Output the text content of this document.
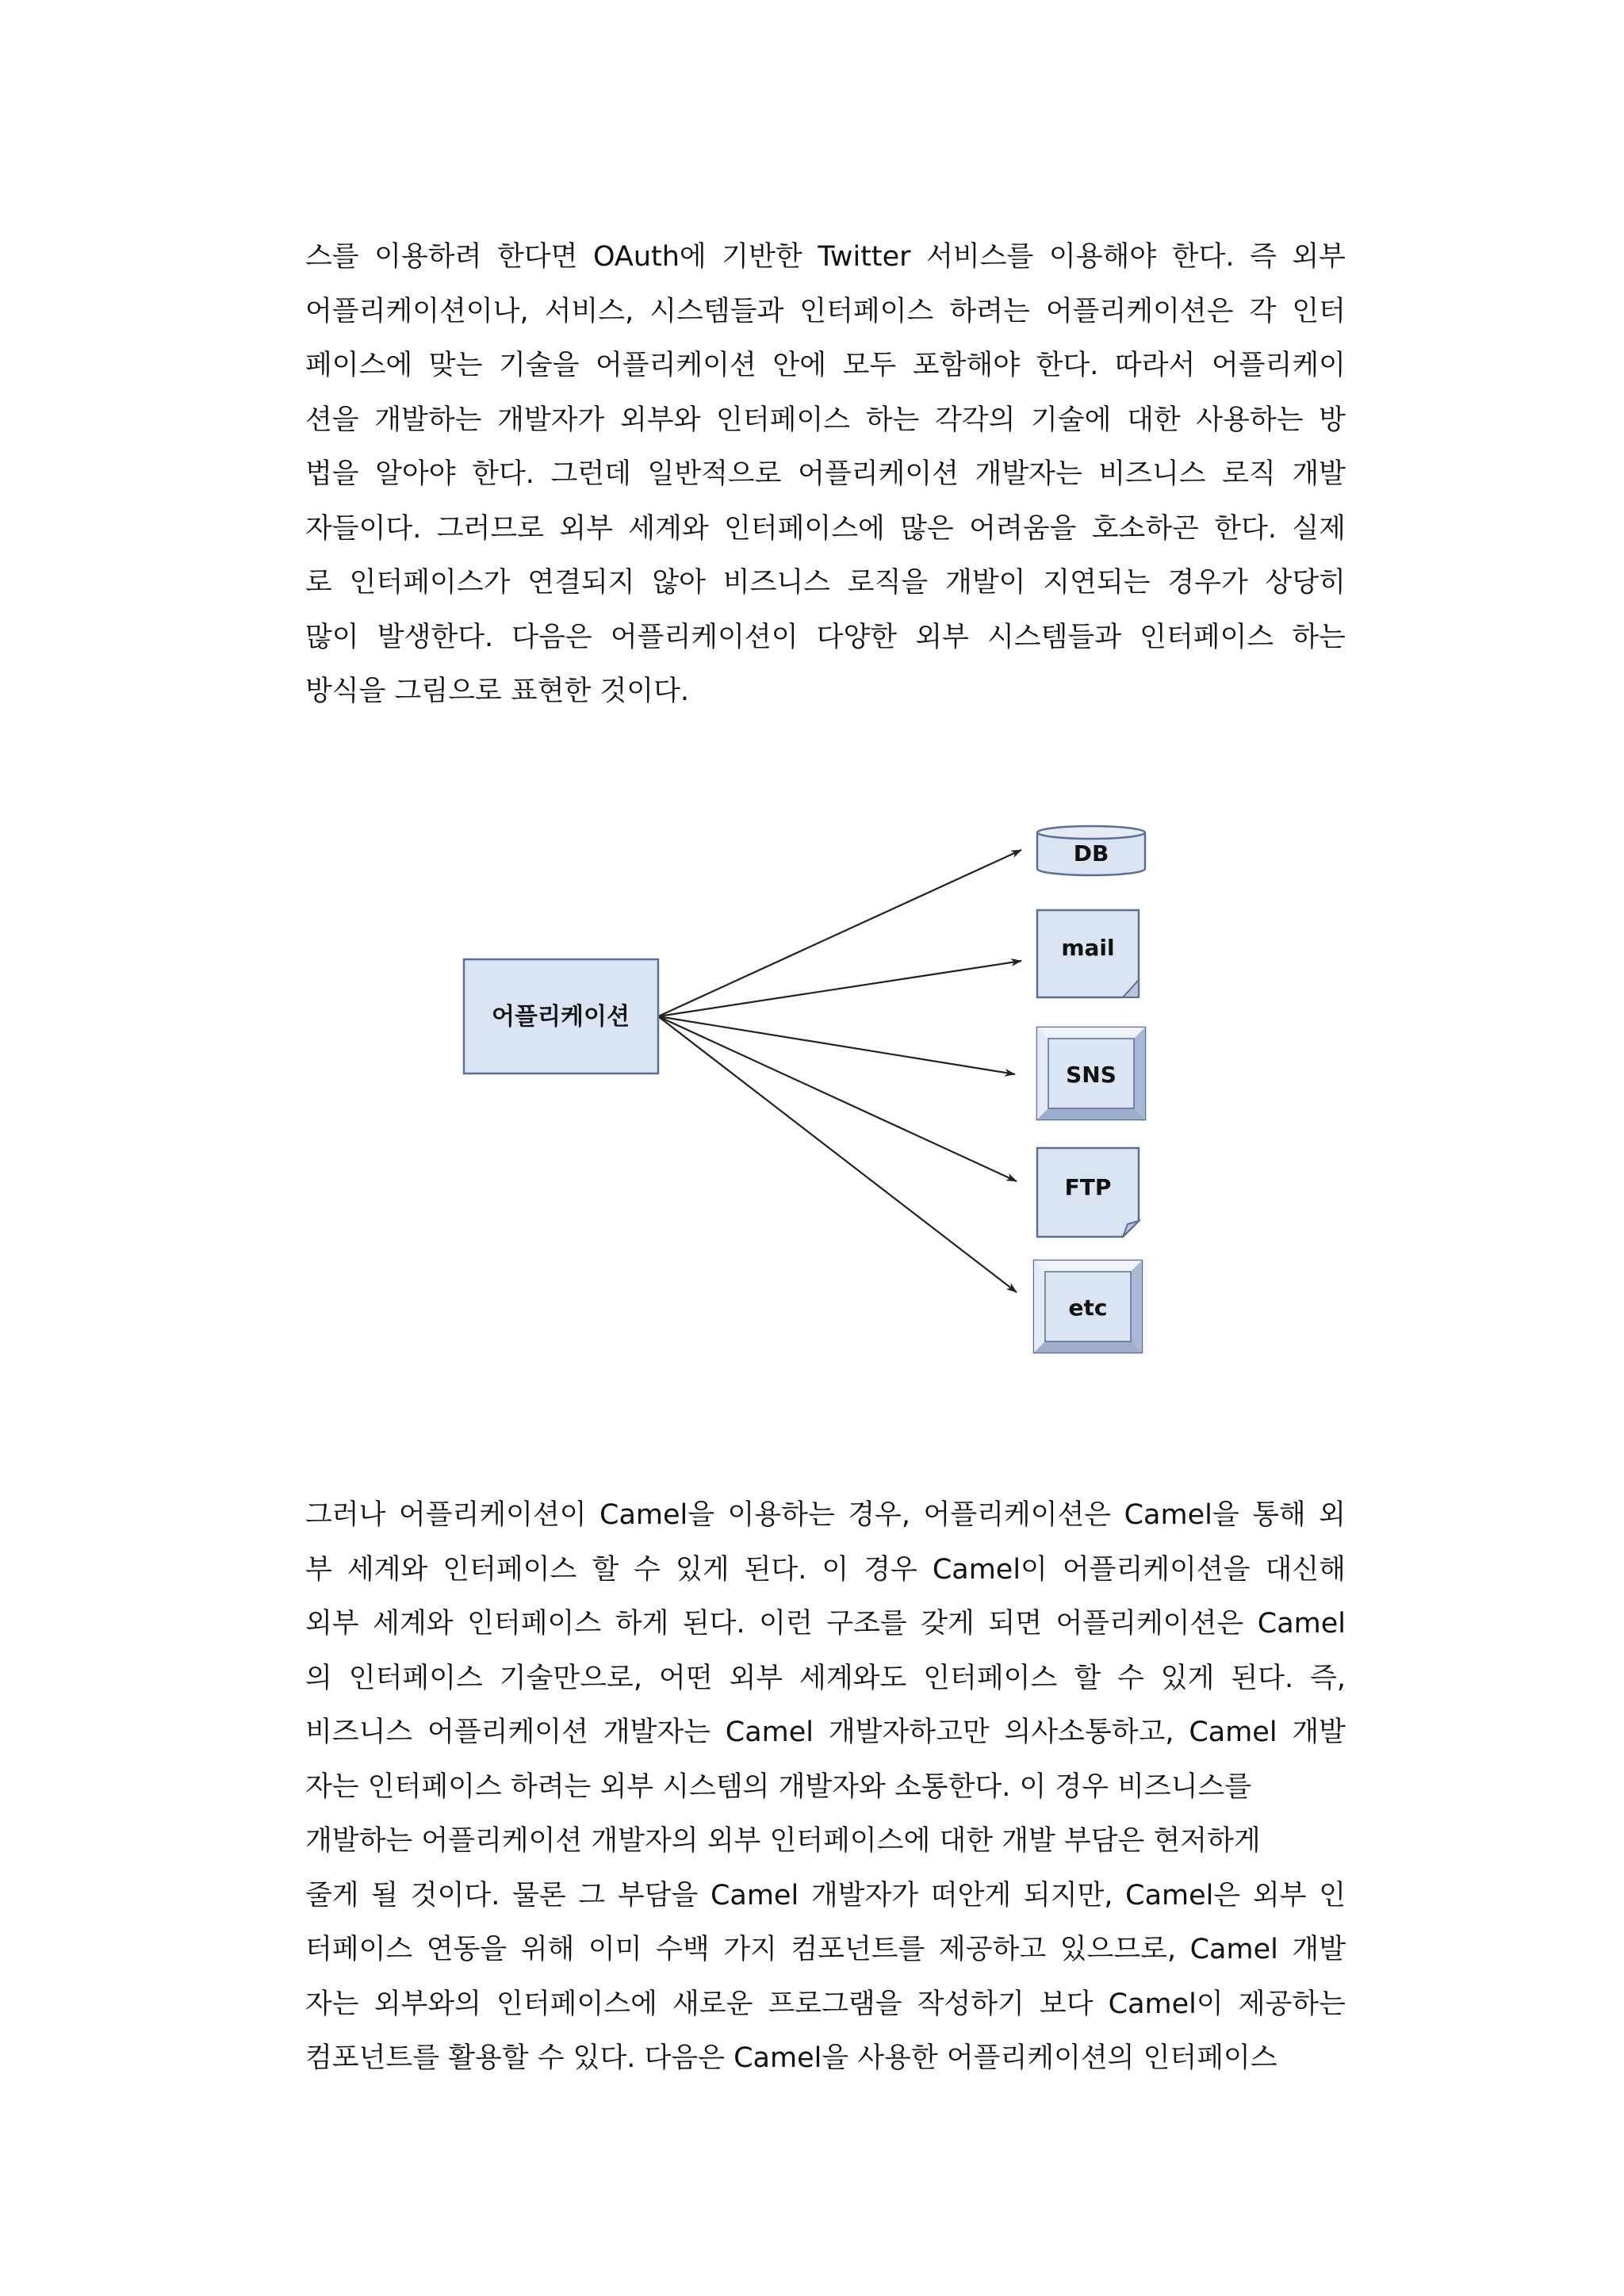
스를 이용하려 한다면 OAuth에 기반한 Twitter 서비스를 이용해야 한다. 즉 외부
어플리케이션이나, 서비스, 시스템들과 인터페이스 하려는 어플리케이션은 각 인터
페이스에 맞는 기술을 어플리케이션 안에 모두 포함해야 한다. 따라서 어플리케이
션을 개발하는 개발자가 외부와 인터페이스 하는 각각의 기술에 대한 사용하는 방
법을 알아야 한다. 그런데 일반적으로 어플리케이션 개발자는 비즈니스 로직 개발
자들이다. 그러므로 외부 세계와 인터페이스에 많은 어려움을 호소하곤 한다. 실제
로 인터페이스가 연결되지 않아 비즈니스 로직을 개발이 지연되는 경우가 상당히
많이 발생한다. 다음은 어플리케이션이 다양한 외부 시스템들과 인터페이스 하는
방식을 그림으로 표현한 것이다.
어플리케이션
DB
mail
SNS
FTP
etc
그러나 어플리케이션이 Camel을 이용하는 경우, 어플리케이션은 Camel을 통해 외
부 세계와 인터페이스 할 수 있게 된다. 이 경우 Camel이 어플리케이션을 대신해
외부 세계와 인터페이스 하게 된다. 이런 구조를 갖게 되면 어플리케이션은 Camel
의 인터페이스 기술만으로, 어떤 외부 세계와도 인터페이스 할 수 있게 된다. 즉,
비즈니스 어플리케이션 개발자는 Camel 개발자하고만 의사소통하고, Camel 개발
자는 인터페이스 하려는 외부 시스템의 개발자와 소통한다. 이 경우 비즈니스를
개발하는 어플리케이션 개발자의 외부 인터페이스에 대한 개발 부담은 현저하게
줄게 될 것이다. 물론 그 부담을 Camel 개발자가 떠안게 되지만, Camel은 외부 인
터페이스 연동을 위해 이미 수백 가지 컴포넌트를 제공하고 있으므로, Camel 개발
자는 외부와의 인터페이스에 새로운 프로그램을 작성하기 보다 Camel이 제공하는
컴포넌트를 활용할 수 있다. 다음은 Camel을 사용한 어플리케이션의 인터페이스
